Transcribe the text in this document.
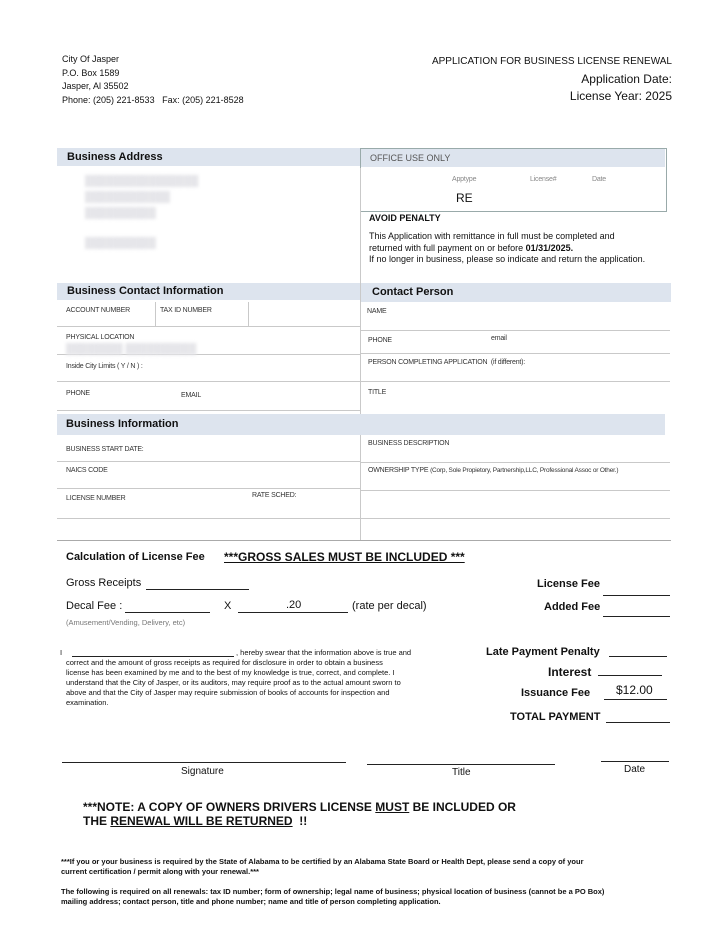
City Of Jasper
P.O. Box 1589
Jasper, Al 35502
Phone: (205) 221-8533   Fax: (205) 221-8528
APPLICATION FOR BUSINESS LICENSE RENEWAL
Application Date:
License Year: 2025
Business Address
████████████████
████████████
██████████
██████████
OFFICE USE ONLY
Apptype	License#	Date
RE
AVOID PENALTY
This Application with remittance in full must be completed and
returned with full payment on or before 01/31/2025.
If no longer in business, please so indicate and return the application.
Business Contact Information	Contact Person
ACCOUNT NUMBER	TAX ID NUMBER
PHYSICAL LOCATION
████████ ██████████
Inside City Limits ( Y / N ) :
PHONE	EMAIL
NAME
PHONE	email
PERSON COMPLETING APPLICATION (if different):
TITLE
Business Information
BUSINESS START DATE:
NAICS CODE
LICENSE NUMBER	RATE SCHED:
BUSINESS DESCRIPTION
OWNERSHIP TYPE (Corp, Sole Propietory, Partnership,LLC, Professional Assoc or Other.)
Calculation of License Fee ***GROSS SALES MUST BE INCLUDED ***
Gross Receipts
Decal Fee :	X	.20	(rate per decal)
(Amusement/Vending, Delivery, etc)
License Fee
Added Fee
Late Payment Penalty
Interest
Issuance Fee $12.00
TOTAL PAYMENT
I	, hereby swear that the information above is true and
correct and the amount of gross receipts as required for disclosure in order to obtain a business
license has been examined by me and to the best of my knowledge is true, correct, and complete. I
understand that the City of Jasper, or its auditors, may require proof as to the actual amount sworn to
above and that the City of Jasper may require submission of books of accounts for inspection and
examination.
Signature	Title	Date
***NOTE: A COPY OF OWNERS DRIVERS LICENSE MUST BE INCLUDED OR
THE RENEWAL WILL BE RETURNED !!
***If you or your business is required by the State of Alabama to be certified by an Alabama State Board or Health Dept, please send a copy of your
current certification / permit along with your renewal.***
The following is required on all renewals: tax ID number; form of ownership; legal name of business; physical location of business (cannot be a PO Box)
mailing address; contact person, title and phone number; name and title of person completing application.
